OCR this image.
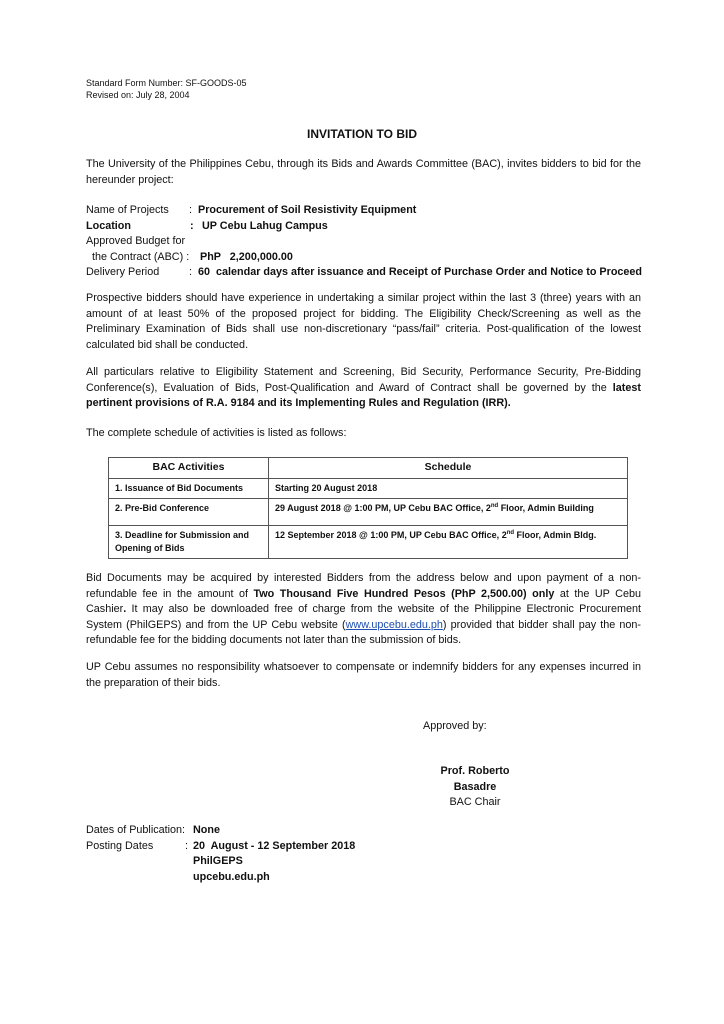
Standard Form Number: SF-GOODS-05
Revised on: July 28, 2004
INVITATION TO BID

The University of the Philippines Cebu, through its Bids and Awards Committee (BAC), invites bidders to bid for the hereunder project:

Name of Projects : Procurement of Soil Resistivity Equipment
Location	: UP Cebu Lahug Campus
Approved Budget for
the Contract (ABC) : PhP   2,200,000.00
Delivery Period	: 60  calendar days after issuance and Receipt of Purchase Order and Notice to Proceed

Prospective bidders should have experience in undertaking a similar project within the last 3 (three) years with an amount of at least 50% of the proposed project for bidding. The Eligibility Check/Screening as well as the Preliminary Examination of Bids shall use non-discretionary “pass/fail” criteria. Post-qualification of the lowest calculated bid shall be conducted.

All particulars relative to Eligibility Statement and Screening, Bid Security, Performance Security, Pre-Bidding Conference(s), Evaluation of Bids, Post-Qualification and Award of Contract shall be governed by the latest pertinent provisions of R.A. 9184 and its Implementing Rules and Regulation (IRR).

The complete schedule of activities is listed as follows:

BAC Activities	Schedule
1. Issuance of Bid Documents	Starting 20 August 2018
2. Pre-Bid Conference	29 August 2018 @ 1:00 PM, UP Cebu BAC Office, 2nd Floor, Admin Building
3. Deadline for Submission and Opening of Bids	12 September 2018 @ 1:00 PM, UP Cebu BAC Office, 2nd Floor, Admin Bldg.

Bid Documents may be acquired by interested Bidders from the address below and upon payment of a non-refundable fee in the amount of Two Thousand Five Hundred Pesos (PhP 2,500.00) only at the UP Cebu Cashier. It may also be downloaded free of charge from the website of the Philippine Electronic Procurement System (PhilGEPS) and from the UP Cebu website (www.upcebu.edu.ph) provided that bidder shall pay the non-refundable fee for the bidding documents not later than the submission of bids.

UP Cebu assumes no responsibility whatsoever to compensate or indemnify bidders for any expenses incurred in the preparation of their bids.

Approved by:
Prof. Roberto Basadre
BAC Chair
Dates of Publication: None
Posting Dates	: 20  August - 12 September 2018
PhilGEPS
upcebu.edu.ph
